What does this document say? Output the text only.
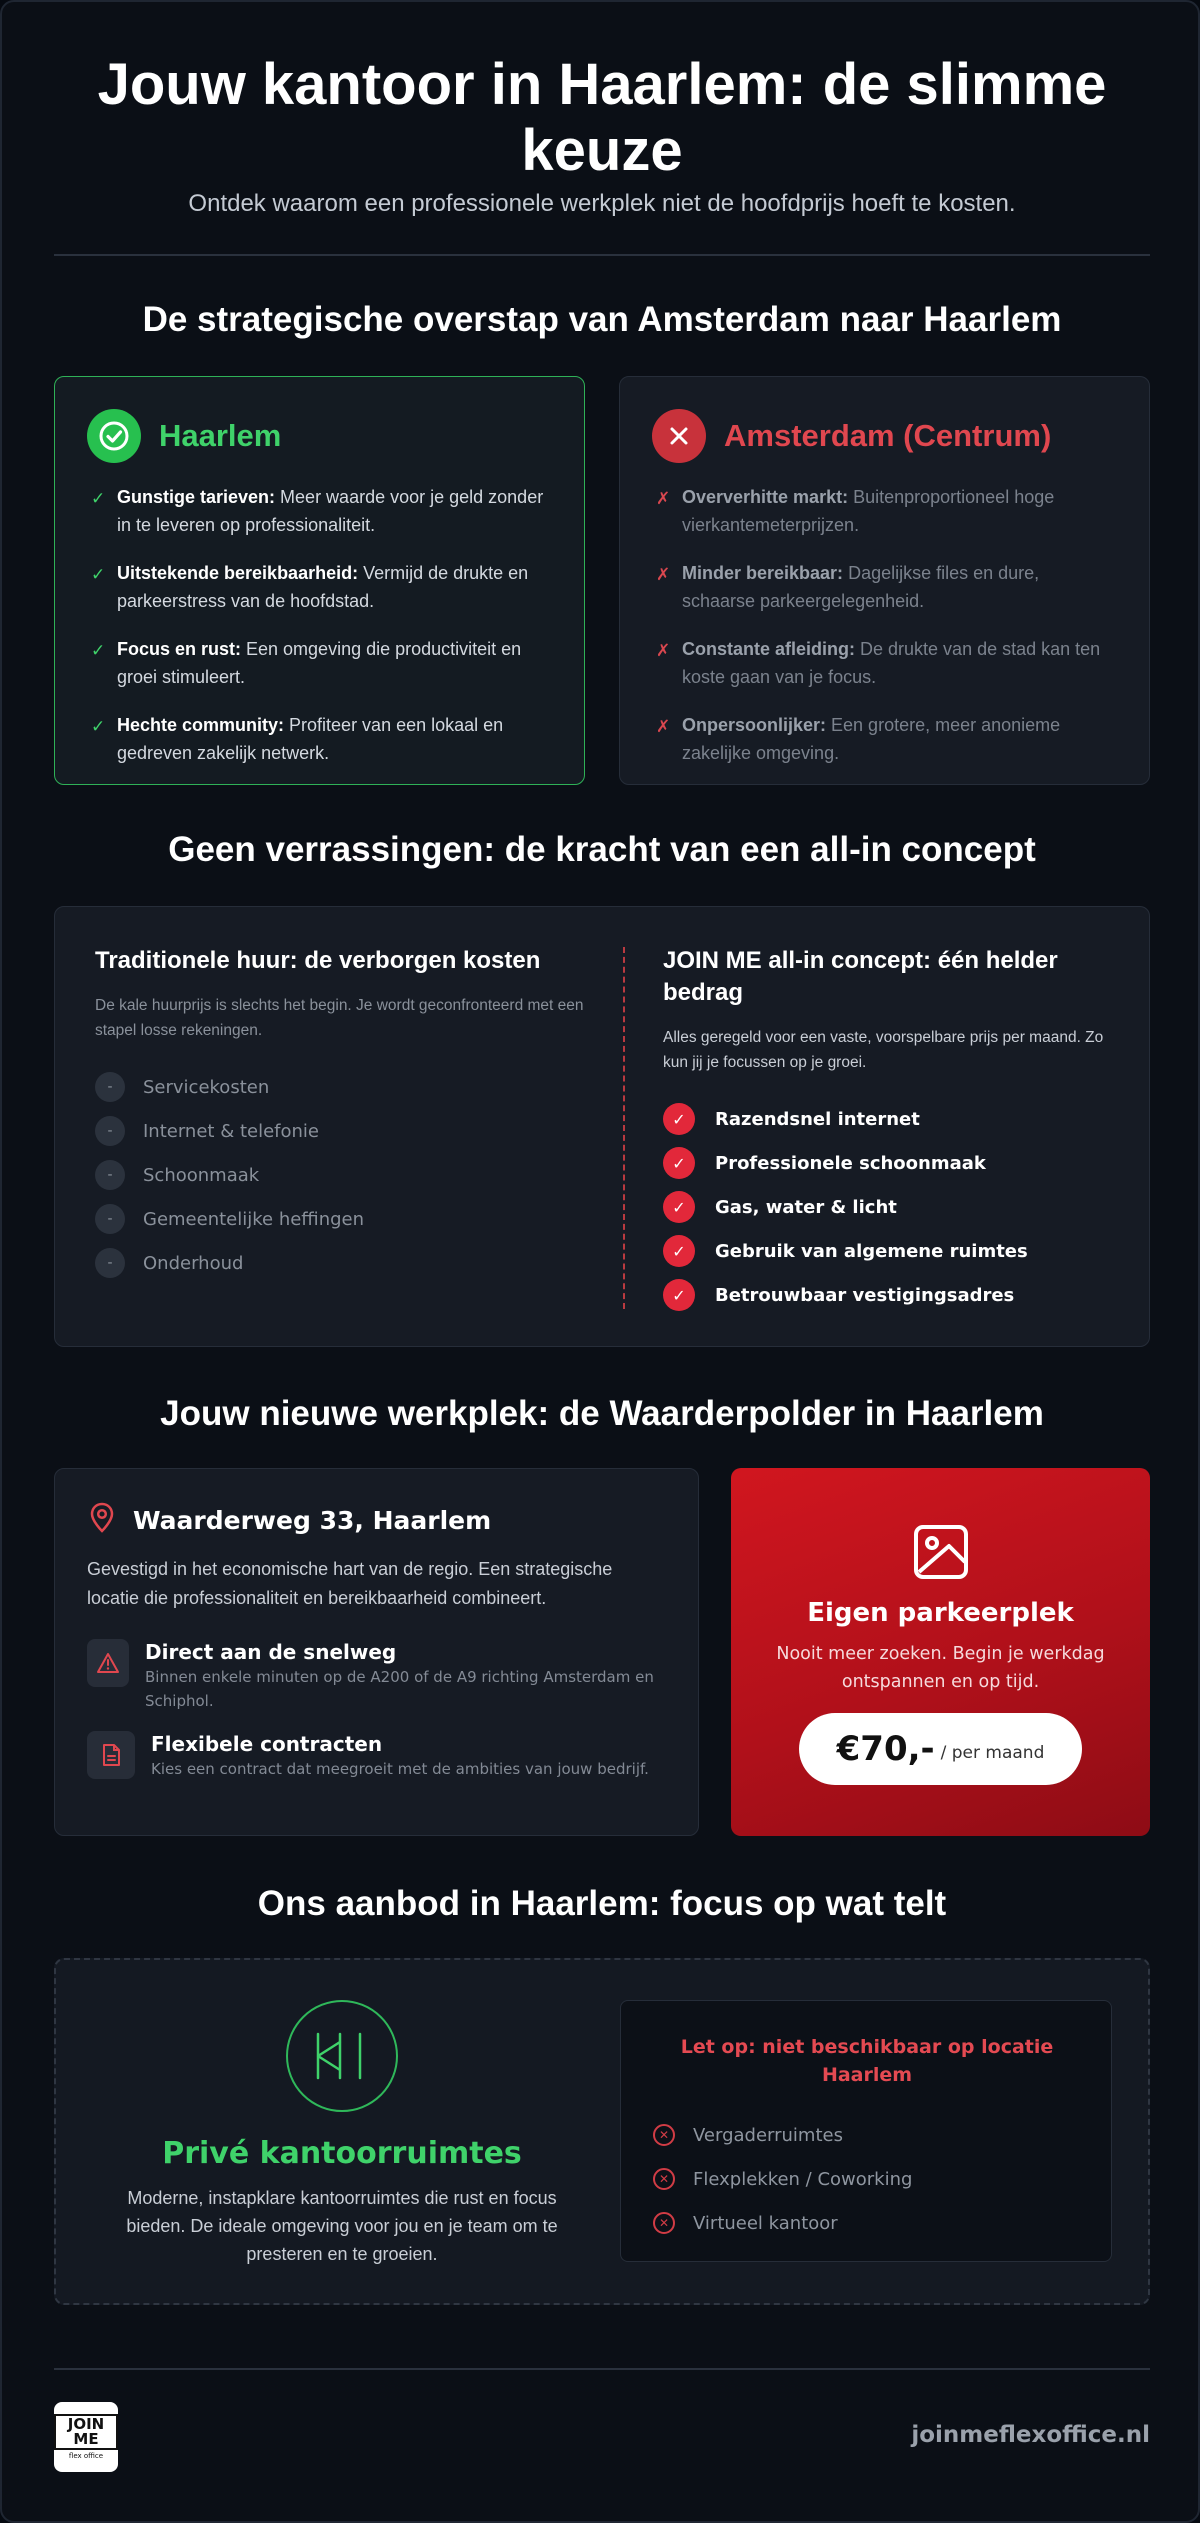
Jouw kantoor in Haarlem: de slimme keuze

Ontdek waarom een professionele werkplek niet de hoofdprijs hoeft te kosten.

De strategische overstap van Amsterdam naar Haarlem
Haarlem
✓ Gunstige tarieven: Meer waarde voor je geld zonder in te leveren op professionaliteit.
✓ Uitstekende bereikbaarheid: Vermijd de drukte en parkeerstress van de hoofdstad.
✓ Focus en rust: Een omgeving die productiviteit en groei stimuleert.
✓ Hechte community: Profiteer van een lokaal en gedreven zakelijk netwerk.
Amsterdam (Centrum)
✗ Oververhitte markt: Buitenproportioneel hoge vierkantemeterprijzen.
✗ Minder bereikbaar: Dagelijkse files en dure, schaarse parkeergelegenheid.
✗ Constante afleiding: De drukte van de stad kan ten koste gaan van je focus.
✗ Onpersoonlijker: Een grotere, meer anonieme zakelijke omgeving.
Geen verrassingen: de kracht van een all-in concept
Traditionele huur: de verborgen kosten

De kale huurprijs is slechts het begin. Je wordt geconfronteerd met een stapel losse rekeningen.

-	Servicekosten
-	Internet & telefonie
-	Schoonmaak
-	Gemeentelijke heffingen
-	Onderhoud
JOIN ME all-in concept: één helder bedrag

Alles geregeld voor een vaste, voorspelbare prijs per maand. Zo kun jij je focussen op je groei.

✓	Razendsnel internet
✓	Professionele schoonmaak
✓	Gas, water & licht
✓	Gebruik van algemene ruimtes
✓	Betrouwbaar vestigingsadres
Jouw nieuwe werkplek: de Waarderpolder in Haarlem
Waarderweg 33, Haarlem

Gevestigd in het economische hart van de regio. Een strategische locatie die professionaliteit en bereikbaarheid combineert.

Direct aan de snelweg
Binnen enkele minuten op de A200 of de A9 richting Amsterdam en Schiphol.
Flexibele contracten
Kies een contract dat meegroeit met de ambities van jouw bedrijf.
Eigen parkeerplek
Nooit meer zoeken. Begin je werkdag ontspannen en op tijd.
€70,- / per maand
Ons aanbod in Haarlem: focus op wat telt
Privé kantoorruimtes

Moderne, instapklare kantoorruimtes die rust en focus bieden. De ideale omgeving voor jou en je team om te presteren en te groeien.

Let op: niet beschikbaar op locatie Haarlem
✕	Vergaderruimtes
✕	Flexplekken / Coworking
✕	Virtueel kantoor
JOIN ME
flex office
joinmeflexoffice.nl
